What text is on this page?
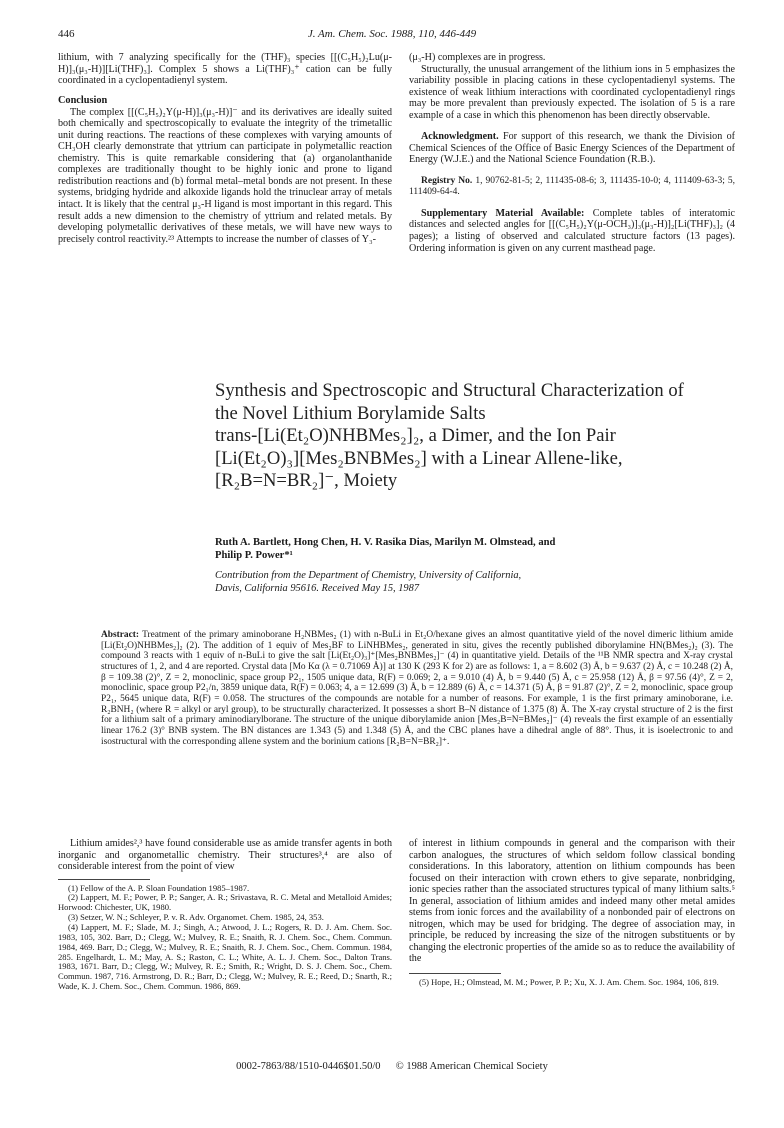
446	J. Am. Chem. Soc. 1988, 110, 446-449

lithium, with 7 analyzing specifically for the (THF)₃ species [[(C₅H₅)₂Lu(μ-H)]₃(μ₃-H)][Li(THF)₃]. Complex 5 shows a Li(THF)₃⁺ cation can be fully coordinated in a cyclopentadienyl system.

Conclusion

The complex [[(C₅H₅)₂Y(μ-H)]₃(μ₃-H)]⁻ and its derivatives are ideally suited both chemically and spectroscopically to evaluate the integrity of the trimetallic unit during reactions. The reactions of these complexes with varying amounts of CH₃OH clearly demonstrate that yttrium can participate in polymetallic reaction chemistry. This is quite remarkable considering that (a) organolanthanide complexes are traditionally thought to be highly ionic and prone to ligand redistribution reactions and (b) formal metal–metal bonds are not present. In these systems, bridging hydride and alkoxide ligands hold the trinuclear array of metals intact. It is likely that the central μ₃-H ligand is most important in this regard. This result adds a new dimension to the chemistry of yttrium and related metals. By developing polymetallic derivatives of these metals, we will have new ways to precisely control reactivity.²³ Attempts to increase the number of classes of Y₃-

(μ₃-H) complexes are in progress.

Structurally, the unusual arrangement of the lithium ions in 5 emphasizes the variability possible in placing cations in these cyclopentadienyl systems. The existence of weak lithium interactions with coordinated cyclopentadienyl rings may be more prevalent than previously expected. The isolation of 5 is a rare example of a case in which this phenomenon has been directly observable.

Acknowledgment. For support of this research, we thank the Division of Chemical Sciences of the Office of Basic Energy Sciences of the Department of Energy (W.J.E.) and the National Science Foundation (R.B.).

Registry No. 1, 90762-81-5; 2, 111435-08-6; 3, 111435-10-0; 4, 111409-63-3; 5, 111409-64-4.

Supplementary Material Available: Complete tables of interatomic distances and selected angles for [[(C₅H₅)₂Y(μ-OCH₃)]₃(μ₃-H)]₂[Li(THF)₃]₂ (4 pages); a listing of observed and calculated structure factors (13 pages). Ordering information is given on any current masthead page.

Synthesis and Spectroscopic and Structural Characterization of
the Novel Lithium Borylamide Salts
trans-[Li(Et₂O)NHBMes₂]₂, a Dimer, and the Ion Pair
[Li(Et₂O)₃][Mes₂BNBMes₂] with a Linear Allene-like,
[R₂B=N=BR₂]⁻, Moiety
Ruth A. Bartlett, Hong Chen, H. V. Rasika Dias, Marilyn M. Olmstead, and
Philip P. Power*¹
Contribution from the Department of Chemistry, University of California,
Davis, California 95616. Received May 15, 1987

Abstract: Treatment of the primary aminoborane H₂NBMes₂ (1) with n-BuLi in Et₂O/hexane gives an almost quantitative yield of the novel dimeric lithium amide [Li(Et₂O)NHBMes₂]₂ (2). The addition of 1 equiv of Mes₂BF to LiNHBMes₂, generated in situ, gives the recently published diborylamine HN(BMes₂)₂ (3). The compound 3 reacts with 1 equiv of n-BuLi to give the salt [Li(Et₂O)₃]⁺[Mes₂BNBMes₂]⁻ (4) in quantitative yield. Details of the ¹¹B NMR spectra and X-ray crystal structures of 1, 2, and 4 are reported. Crystal data [Mo Kα (λ = 0.71069 Å)] at 130 K (293 K for 2) are as follows: 1, a = 8.602 (3) Å, b = 9.637 (2) Å, c = 10.248 (2) Å, β = 109.38 (2)°, Z = 2, monoclinic, space group P2₁, 1505 unique data, R(F) = 0.069; 2, a = 9.010 (4) Å, b = 9.440 (5) Å, c = 25.958 (12) Å, β = 97.56 (4)°, Z = 2, monoclinic, space group P2₁/n, 3859 unique data, R(F) = 0.063; 4, a = 12.699 (3) Å, b = 12.889 (6) Å, c = 14.371 (5) Å, β = 91.87 (2)°, Z = 2, monoclinic, space group P2₁, 5645 unique data, R(F) = 0.058. The structures of the compounds are notable for a number of reasons. For example, 1 is the first primary aminoborane, i.e. R₂BNH₂ (where R = alkyl or aryl group), to be structurally characterized. It possesses a short B–N distance of 1.375 (8) Å. The X-ray crystal structure of 2 is the first for a lithium salt of a primary aminodiarylborane. The structure of the unique diborylamide anion [Mes₂B=N=BMes₂]⁻ (4) reveals the first example of an essentially linear 176.2 (3)° BNB system. The BN distances are 1.343 (5) and 1.348 (5) Å, and the CBC planes have a dihedral angle of 88°. Thus, it is isoelectronic to and isostructural with the corresponding allene system and the borinium cations [R₂B=N=BR₂]⁺.

Lithium amides²,³ have found considerable use as amide transfer agents in both inorganic and organometallic chemistry. Their structures³,⁴ are also of considerable interest from the point of view

(1) Fellow of the A. P. Sloan Foundation 1985–1987.

(2) Lappert, M. F.; Power, P. P.; Sanger, A. R.; Srivastava, R. C. Metal and Metalloid Amides; Horwood: Chichester, UK, 1980.

(3) Setzer, W. N.; Schleyer, P. v. R. Adv. Organomet. Chem. 1985, 24, 353.

(4) Lappert, M. F.; Slade, M. J.; Singh, A.; Atwood, J. L.; Rogers, R. D. J. Am. Chem. Soc. 1983, 105, 302. Barr, D.; Clegg, W.; Mulvey, R. E.; Snaith, R. J. Chem. Soc., Chem. Commun. 1984, 469. Barr, D.; Clegg, W.; Mulvey, R. E.; Snaith, R. J. Chem. Soc., Chem. Commun. 1984, 285. Engelhardt, L. M.; May, A. S.; Raston, C. L.; White, A. L. J. Chem. Soc., Dalton Trans. 1983, 1671. Barr, D.; Clegg, W.; Mulvey, R. E.; Smith, R.; Wright, D. S. J. Chem. Soc., Chem. Commun. 1987, 716. Armstrong, D. R.; Barr, D.; Clegg, W.; Mulvey, R. E.; Reed, D.; Snarth, R.; Wade, K. J. Chem. Soc., Chem. Commun. 1986, 869.

of interest in lithium compounds in general and the comparison with their carbon analogues, the structures of which seldom follow classical bonding considerations. In this laboratory, attention on lithium compounds has been focused on their interaction with crown ethers to give separate, nonbridging, ionic species rather than the associated structures typical of many lithium salts.⁵ In general, association of lithium amides and indeed many other metal amides stems from ionic forces and the availability of a nonbonded pair of electrons on nitrogen, which may be used for bridging. The degree of association may, in principle, be reduced by increasing the size of the nitrogen substituents or by changing the electronic properties of the amide so as to reduce the availability of the

(5) Hope, H.; Olmstead, M. M.; Power, P. P.; Xu, X. J. Am. Chem. Soc. 1984, 106, 819.

0002-7863/88/1510-0446$01.50/0 © 1988 American Chemical Society
